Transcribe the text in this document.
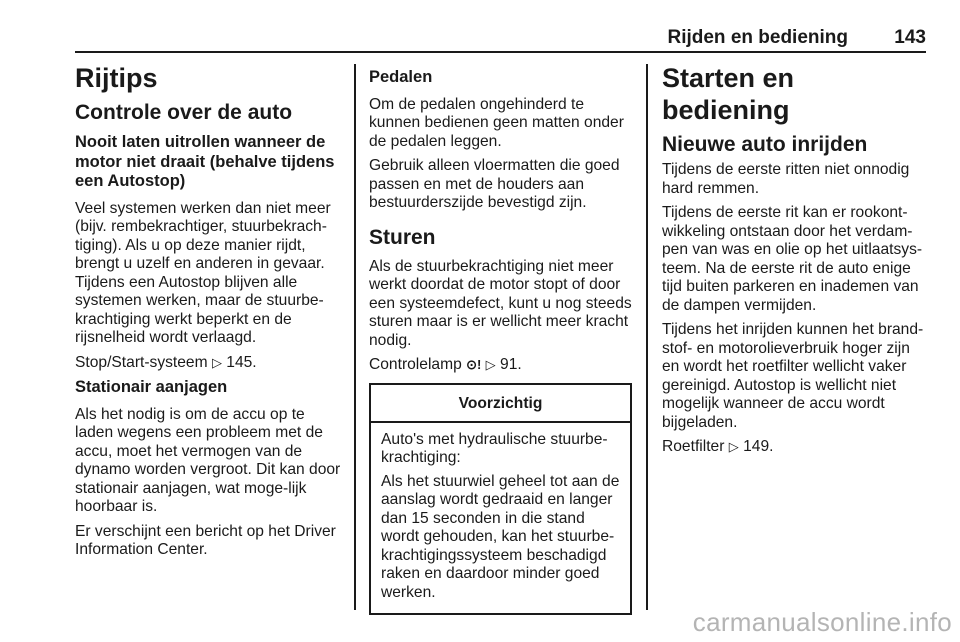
Rijden en bediening 143
Rijtips
Controle over de auto
Nooit laten uitrollen wanneer de motor niet draait (behalve tijdens een Autostop)

Veel systemen werken dan niet meer (bijv. rembekrachtiger, stuurbekrach-tiging). Als u op deze manier rijdt, brengt u uzelf en anderen in gevaar. Tijdens een Autostop blijven alle systemen werken, maar de stuurbe-krachtiging werkt beperkt en de rijsnelheid wordt verlaagd.

Stop/Start-systeem ▷ 145.

Stationair aanjagen

Als het nodig is om de accu op te laden wegens een probleem met de accu, moet het vermogen van de dynamo worden vergroot. Dit kan door stationair aanjagen, wat moge-lijk hoorbaar is.

Er verschijnt een bericht op het Driver Information Center.

Pedalen

Om de pedalen ongehinderd te kunnen bedienen geen matten onder de pedalen leggen.

Gebruik alleen vloermatten die goed passen en met de houders aan bestuurderszijde bevestigd zijn.

Sturen

Als de stuurbekrachtiging niet meer werkt doordat de motor stopt of door een systeemdefect, kunt u nog steeds sturen maar is er wellicht meer kracht nodig.

Controlelamp ⊙! ▷ 91.

Voorzichtig

Auto's met hydraulische stuurbe-krachtiging:

Als het stuurwiel geheel tot aan de aanslag wordt gedraaid en langer dan 15 seconden in die stand wordt gehouden, kan het stuurbe-krachtigingssysteem beschadigd raken en daardoor minder goed werken.

Starten en bediening
Nieuwe auto inrijden

Tijdens de eerste ritten niet onnodig hard remmen.

Tijdens de eerste rit kan er rookont-wikkeling ontstaan door het verdam-pen van was en olie op het uitlaatsys-teem. Na de eerste rit de auto enige tijd buiten parkeren en inademen van de dampen vermijden.

Tijdens het inrijden kunnen het brand-stof- en motorolieverbruik hoger zijn en wordt het roetfilter wellicht vaker gereinigd. Autostop is wellicht niet mogelijk wanneer de accu wordt bijgeladen.

Roetfilter ▷ 149.

carmanualsonline.info
